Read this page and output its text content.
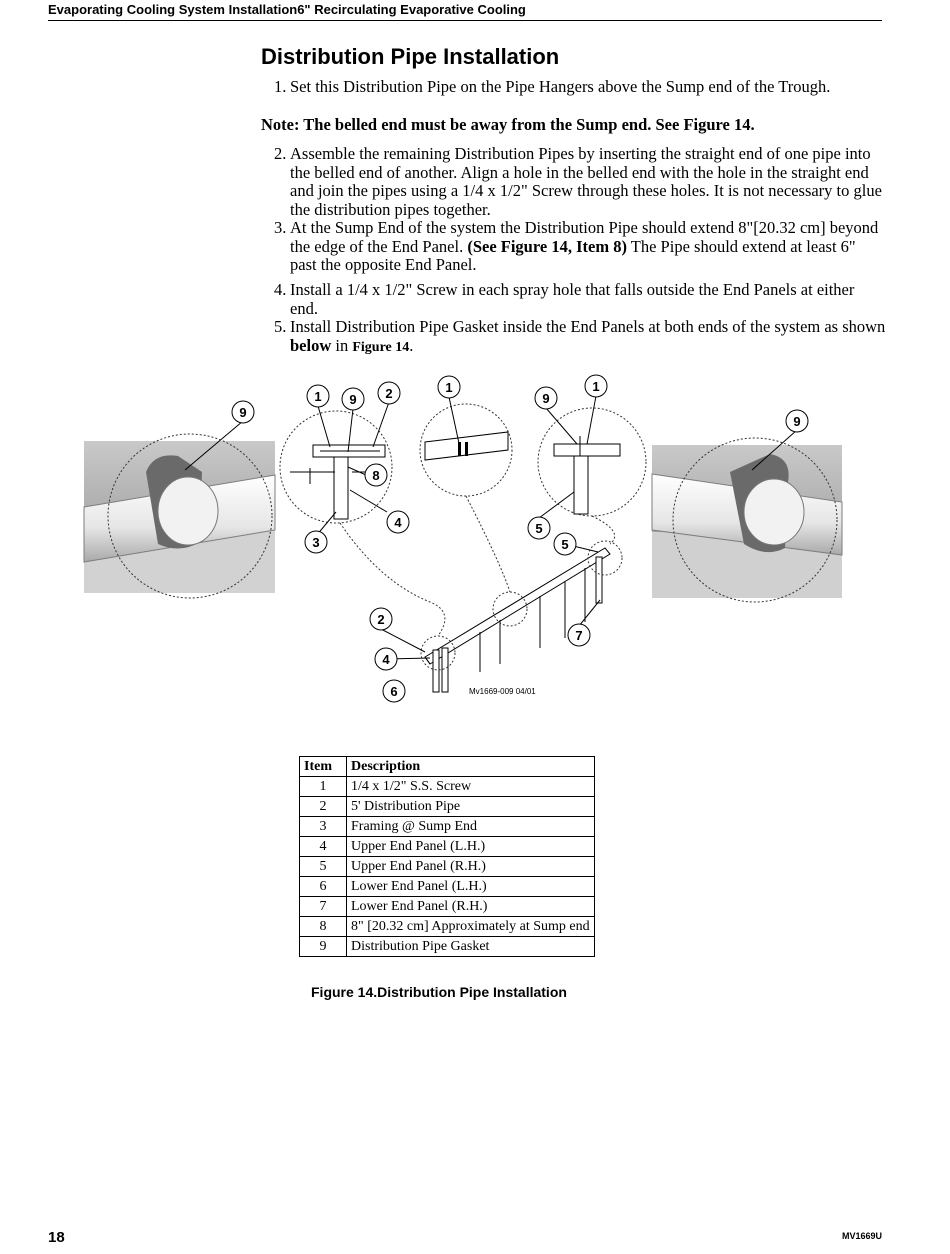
Evaporating Cooling System Installation6" Recirculating Evaporative Cooling
Distribution Pipe Installation

1. Set this Distribution Pipe on the Pipe Hangers above the Sump end of the Trough.

Note: The belled end must be away from the Sump end. See Figure 14.

2. Assemble the remaining Distribution Pipes by inserting the straight end of one pipe into the belled end of another. Align a hole in the belled end with the hole in the straight end and join the pipes using a 1/4 x 1/2" Screw through these holes. It is not necessary to glue the distribution pipes together.

3. At the Sump End of the system the Distribution Pipe should extend 8"[20.32 cm] beyond the edge of the End Panel. (See Figure 14, Item 8) The Pipe should extend at least 6" past the opposite End Panel.

4. Install a 1/4 x 1/2" Screw in each spray hole that falls outside the End Panels at either end.

5. Install Distribution Pipe Gasket inside the End Panels at both ends of the system as shown below in Figure 14.

9
1 9 2
8
4
3
1
9
1
5
9
5
2
4
6
7
Mv1669-009 04/01
Item	Description
1	1/4 x 1/2" S.S. Screw
2	5' Distribution Pipe
3	Framing @ Sump End
4	Upper End Panel (L.H.)
5	Upper End Panel (R.H.)
6	Lower End Panel (L.H.)
7	Lower End Panel (R.H.)
8	8" [20.32 cm] Approximately at Sump end
9	Distribution Pipe Gasket

Figure 14.Distribution Pipe Installation

18	MV1669U
